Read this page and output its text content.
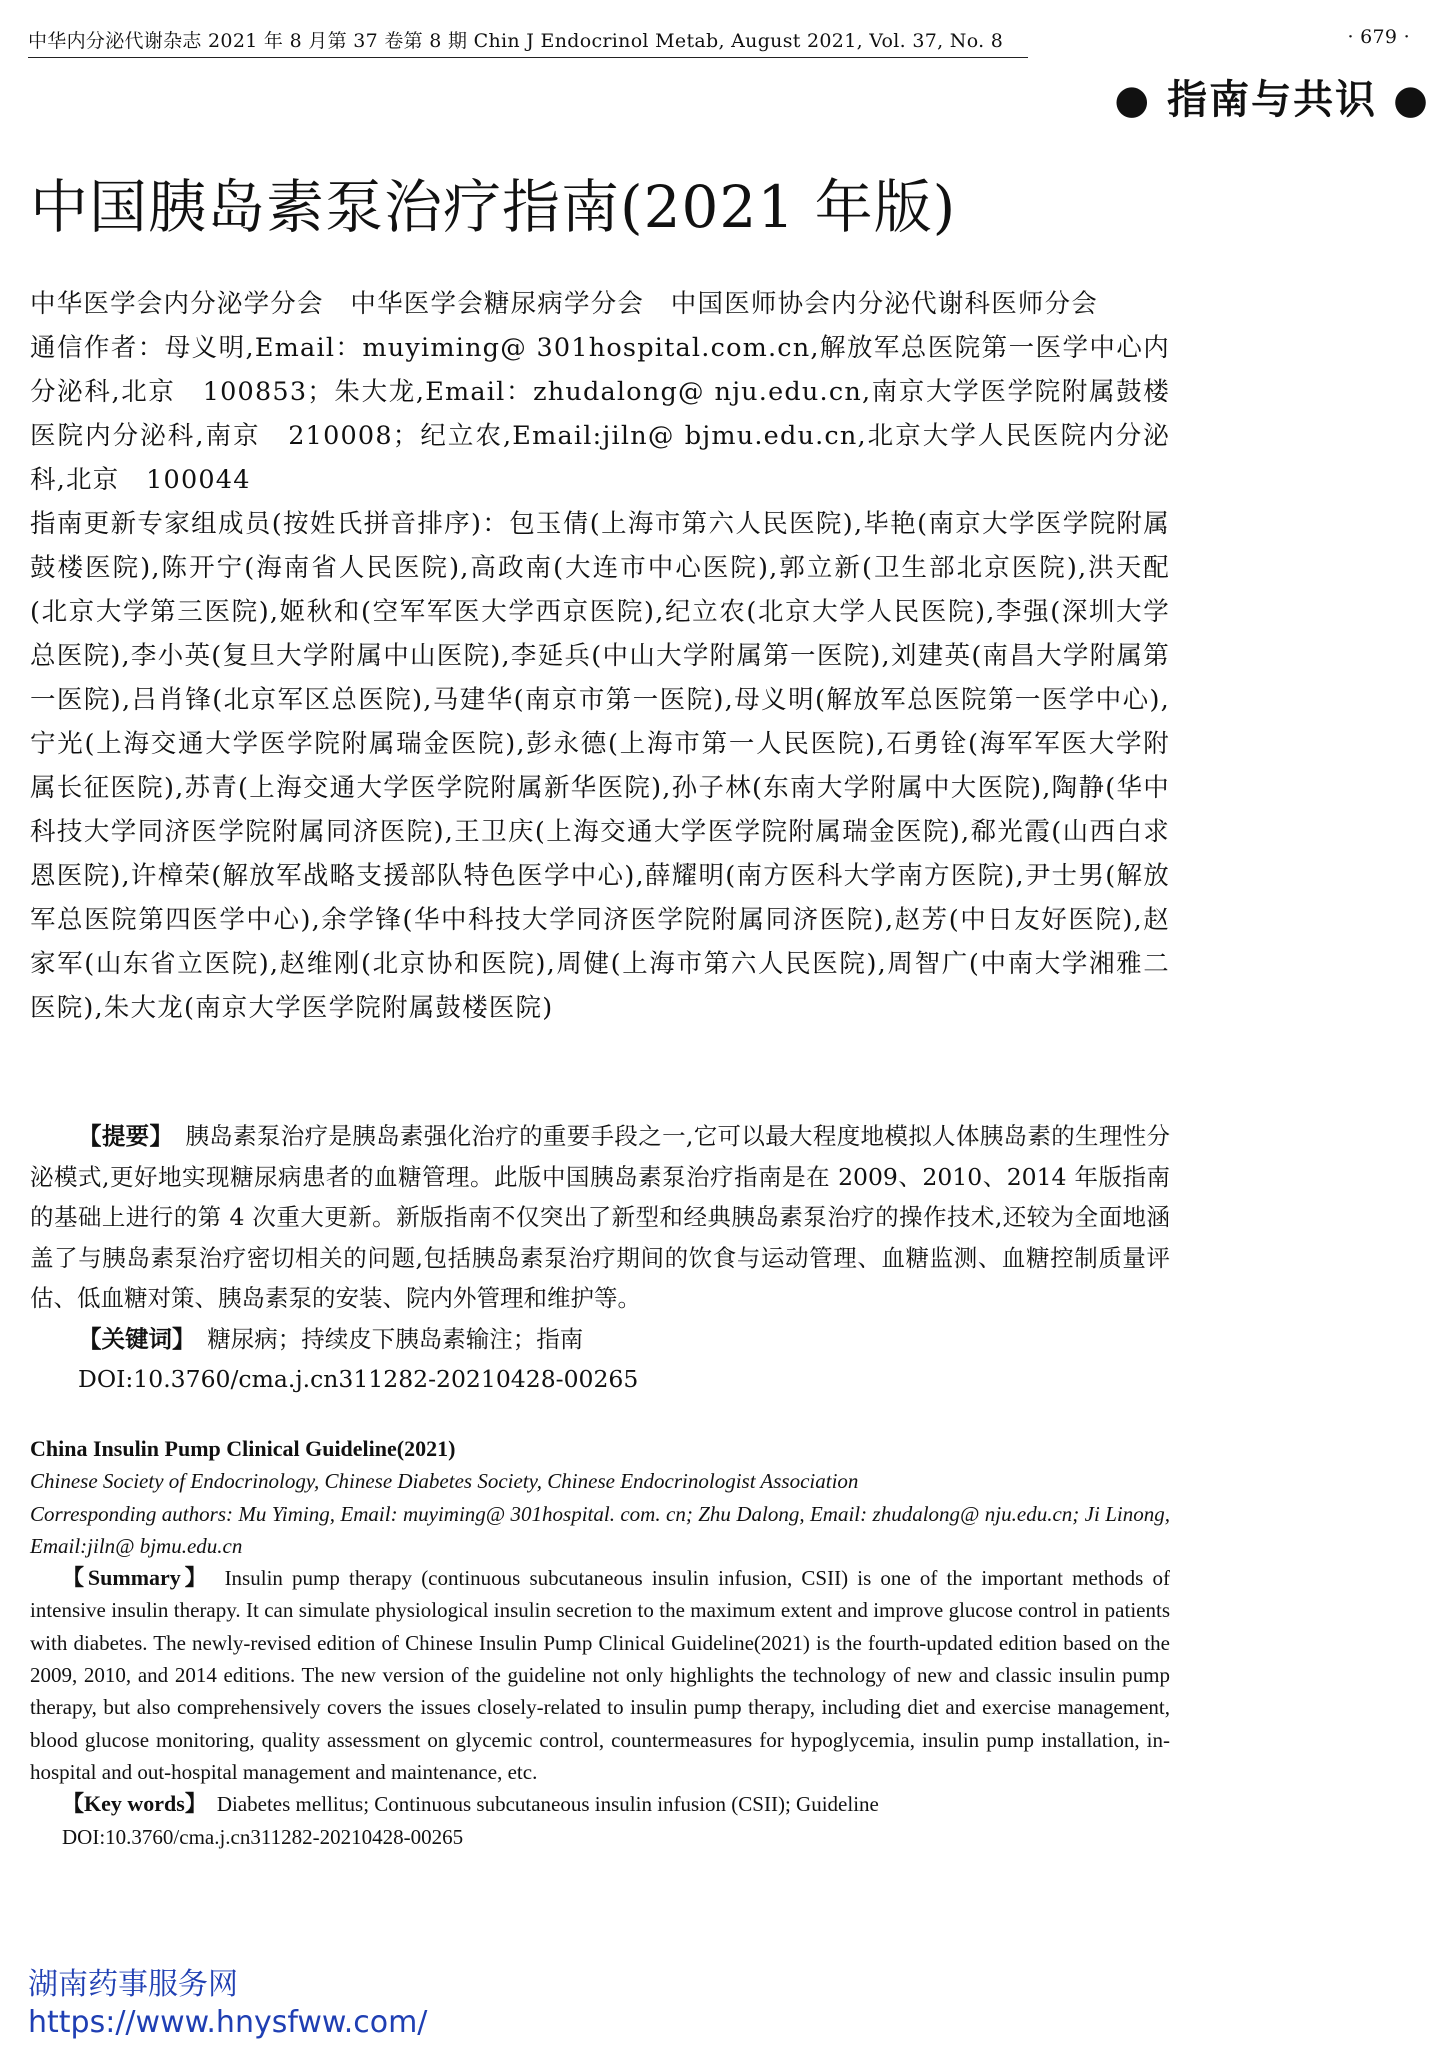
中华内分泌代谢杂志 2021 年 8 月第 37 卷第 8 期 Chin J Endocrinol Metab, August 2021, Vol. 37, No. 8	· 679 ·
● 指南与共识 ●
中国胰岛素泵治疗指南(2021 年版)

中华医学会内分泌学分会　中华医学会糖尿病学分会　中国医师协会内分泌代谢科医师分会

通信作者：母义明,Email：muyiming@ 301hospital.com.cn,解放军总医院第一医学中心内分泌科,北京　100853；朱大龙,Email：zhudalong@ nju.edu.cn,南京大学医学院附属鼓楼医院内分泌科,南京　210008；纪立农,Email:jiln@ bjmu.edu.cn,北京大学人民医院内分泌科,北京　100044

指南更新专家组成员(按姓氏拼音排序)：包玉倩(上海市第六人民医院),毕艳(南京大学医学院附属鼓楼医院),陈开宁(海南省人民医院),高政南(大连市中心医院),郭立新(卫生部北京医院),洪天配(北京大学第三医院),姬秋和(空军军医大学西京医院),纪立农(北京大学人民医院),李强(深圳大学总医院),李小英(复旦大学附属中山医院),李延兵(中山大学附属第一医院),刘建英(南昌大学附属第一医院),吕肖锋(北京军区总医院),马建华(南京市第一医院),母义明(解放军总医院第一医学中心),宁光(上海交通大学医学院附属瑞金医院),彭永德(上海市第一人民医院),石勇铨(海军军医大学附属长征医院),苏青(上海交通大学医学院附属新华医院),孙子林(东南大学附属中大医院),陶静(华中科技大学同济医学院附属同济医院),王卫庆(上海交通大学医学院附属瑞金医院),郗光霞(山西白求恩医院),许樟荣(解放军战略支援部队特色医学中心),薛耀明(南方医科大学南方医院),尹士男(解放军总医院第四医学中心),余学锋(华中科技大学同济医学院附属同济医院),赵芳(中日友好医院),赵家军(山东省立医院),赵维刚(北京协和医院),周健(上海市第六人民医院),周智广(中南大学湘雅二医院),朱大龙(南京大学医学院附属鼓楼医院)

【提要】　 胰岛素泵治疗是胰岛素强化治疗的重要手段之一,它可以最大程度地模拟人体胰岛素的生理性分泌模式,更好地实现糖尿病患者的血糖管理。此版中国胰岛素泵治疗指南是在 2009、2010、2014 年版指南的基础上进行的第 4 次重大更新。新版指南不仅突出了新型和经典胰岛素泵治疗的操作技术,还较为全面地涵盖了与胰岛素泵治疗密切相关的问题,包括胰岛素泵治疗期间的饮食与运动管理、血糖监测、血糖控制质量评估、低血糖对策、胰岛素泵的安装、院内外管理和维护等。

【关键词】　 糖尿病；持续皮下胰岛素输注；指南

DOI:10.3760/cma.j.cn311282-20210428-00265

China Insulin Pump Clinical Guideline(2021)

Chinese Society of Endocrinology, Chinese Diabetes Society, Chinese Endocrinologist Association

Corresponding authors: Mu Yiming, Email: muyiming@ 301hospital. com. cn; Zhu Dalong, Email: zhudalong@ nju.edu.cn; Ji Linong, Email:jiln@ bjmu.edu.cn

【Summary】　 Insulin pump therapy (continuous subcutaneous insulin infusion, CSII) is one of the important methods of intensive insulin therapy. It can simulate physiological insulin secretion to the maximum extent and improve glucose control in patients with diabetes. The newly-revised edition of Chinese Insulin Pump Clinical Guideline(2021) is the fourth-updated edition based on the 2009, 2010, and 2014 editions. The new version of the guideline not only highlights the technology of new and classic insulin pump therapy, but also comprehensively covers the issues closely-related to insulin pump therapy, including diet and exercise management, blood glucose monitoring, quality assessment on glycemic control, countermeasures for hypoglycemia, insulin pump installation, in-hospital and out-hospital management and maintenance, etc.

【Key words】　 Diabetes mellitus; Continuous subcutaneous insulin infusion (CSII); Guideline

DOI:10.3760/cma.j.cn311282-20210428-00265

湖南药事服务网
https://www.hnysfww.com/
